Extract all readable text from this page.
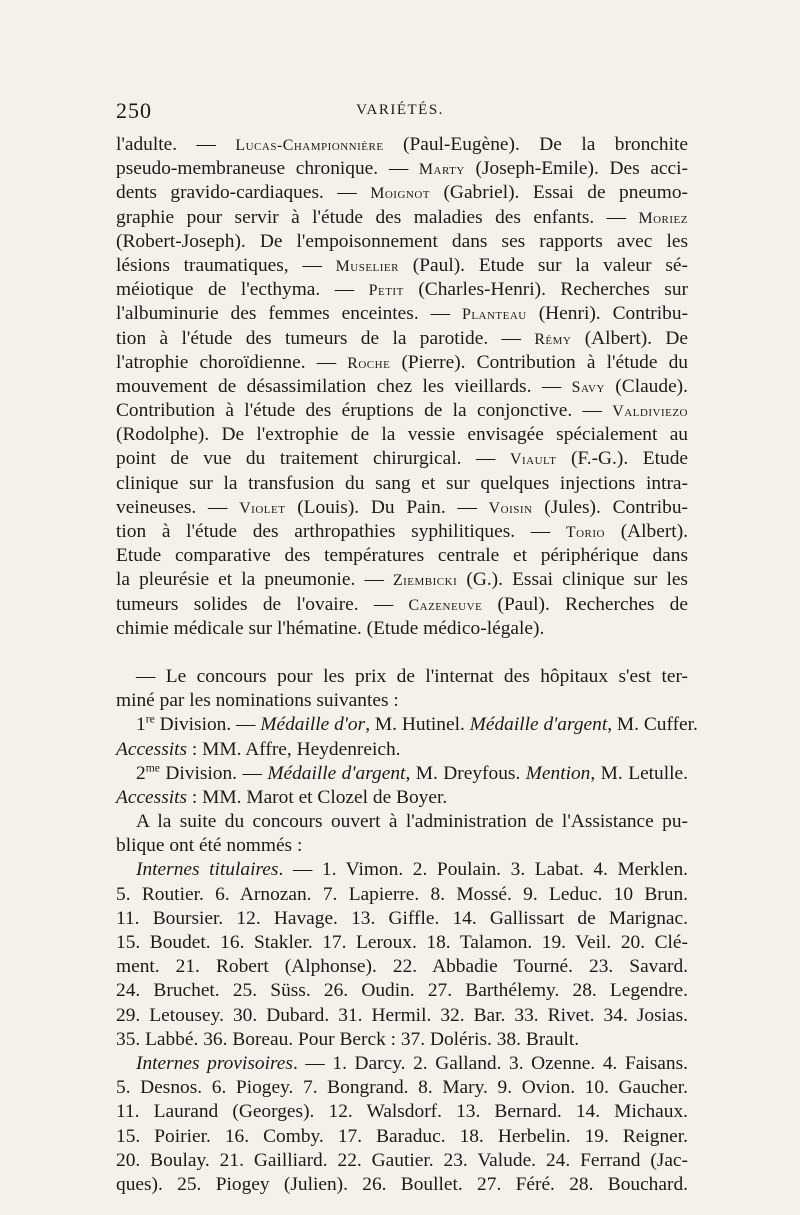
250	VARIÉTÉS.
l'adulte. — Lucas-Championnière (Paul-Eugène). De la bronchite
pseudo-membraneuse chronique. — Marty (Joseph-Emile). Des acci-
dents gravido-cardiaques. — Moignot (Gabriel). Essai de pneumo-
graphie pour servir à l'étude des maladies des enfants. — Moriez
(Robert-Joseph). De l'empoisonnement dans ses rapports avec les
lésions traumatiques, — Muselier (Paul). Etude sur la valeur sé-
méiotique de l'ecthyma. — Petit (Charles-Henri). Recherches sur
l'albuminurie des femmes enceintes. — Planteau (Henri). Contribu-
tion à l'étude des tumeurs de la parotide. — Rémy (Albert). De
l'atrophie choroïdienne. — Roche (Pierre). Contribution à l'étude du
mouvement de désassimilation chez les vieillards. — Savy (Claude).
Contribution à l'étude des éruptions de la conjonctive. — Valdiviezo
(Rodolphe). De l'extrophie de la vessie envisagée spécialement au
point de vue du traitement chirurgical. — Viault (F.-G.). Etude
clinique sur la transfusion du sang et sur quelques injections intra-
veineuses. — Violet (Louis). Du Pain. — Voisin (Jules). Contribu-
tion à l'étude des arthropathies syphilitiques. — Torio (Albert).
Etude comparative des températures centrale et périphérique dans
la pleurésie et la pneumonie. — Ziembicki (G.). Essai clinique sur les
tumeurs solides de l'ovaire. — Cazeneuve (Paul). Recherches de
chimie médicale sur l'hématine. (Etude médico-légale).
— Le concours pour les prix de l'internat des hôpitaux s'est ter-
miné par les nominations suivantes :
1re Division. — Médaille d'or, M. Hutinel. Médaille d'argent, M. Cuffer.
Accessits : MM. Affre, Heydenreich.
$2^{me}$ Division. — Médaille d'argent, M. Dreyfous. Mention, M. Letulle.
Accessits : MM. Marot et Clozel de Boyer.
A la suite du concours ouvert à l'administration de l'Assistance pu-
blique ont été nommés :
Internes titulaires. — 1. Vimon. 2. Poulain. 3. Labat. 4. Merklen.
5. Routier. 6. Arnozan. 7. Lapierre. 8. Mossé. 9. Leduc. 10 Brun.
11. Boursier. 12. Havage. 13. Giffle. 14. Gallissart de Marignac.
15. Boudet. 16. Stakler. 17. Leroux. 18. Talamon. 19. Veil. 20. Clé-
ment. 21. Robert (Alphonse). 22. Abbadie Tourné. 23. Savard.
24. Bruchet. 25. Süss. 26. Oudin. 27. Barthélemy. 28. Legendre.
29. Letousey. 30. Dubard. 31. Hermil. 32. Bar. 33. Rivet. 34. Josias.
35. Labbé. 36. Boreau. Pour Berck : 37. Doléris. 38. Brault.
Internes provisoires. — 1. Darcy. 2. Galland. 3. Ozenne. 4. Faisans.
5. Desnos. 6. Piogey. 7. Bongrand. 8. Mary. 9. Ovion. 10. Gaucher.
11. Laurand (Georges). 12. Walsdorf. 13. Bernard. 14. Michaux.
15. Poirier. 16. Comby. 17. Baraduc. 18. Herbelin. 19. Reigner.
20. Boulay. 21. Gailliard. 22. Gautier. 23. Valude. 24. Ferrand (Jac-
ques). 25. Piogey (Julien). 26. Boullet. 27. Féré. 28. Bouchard.
